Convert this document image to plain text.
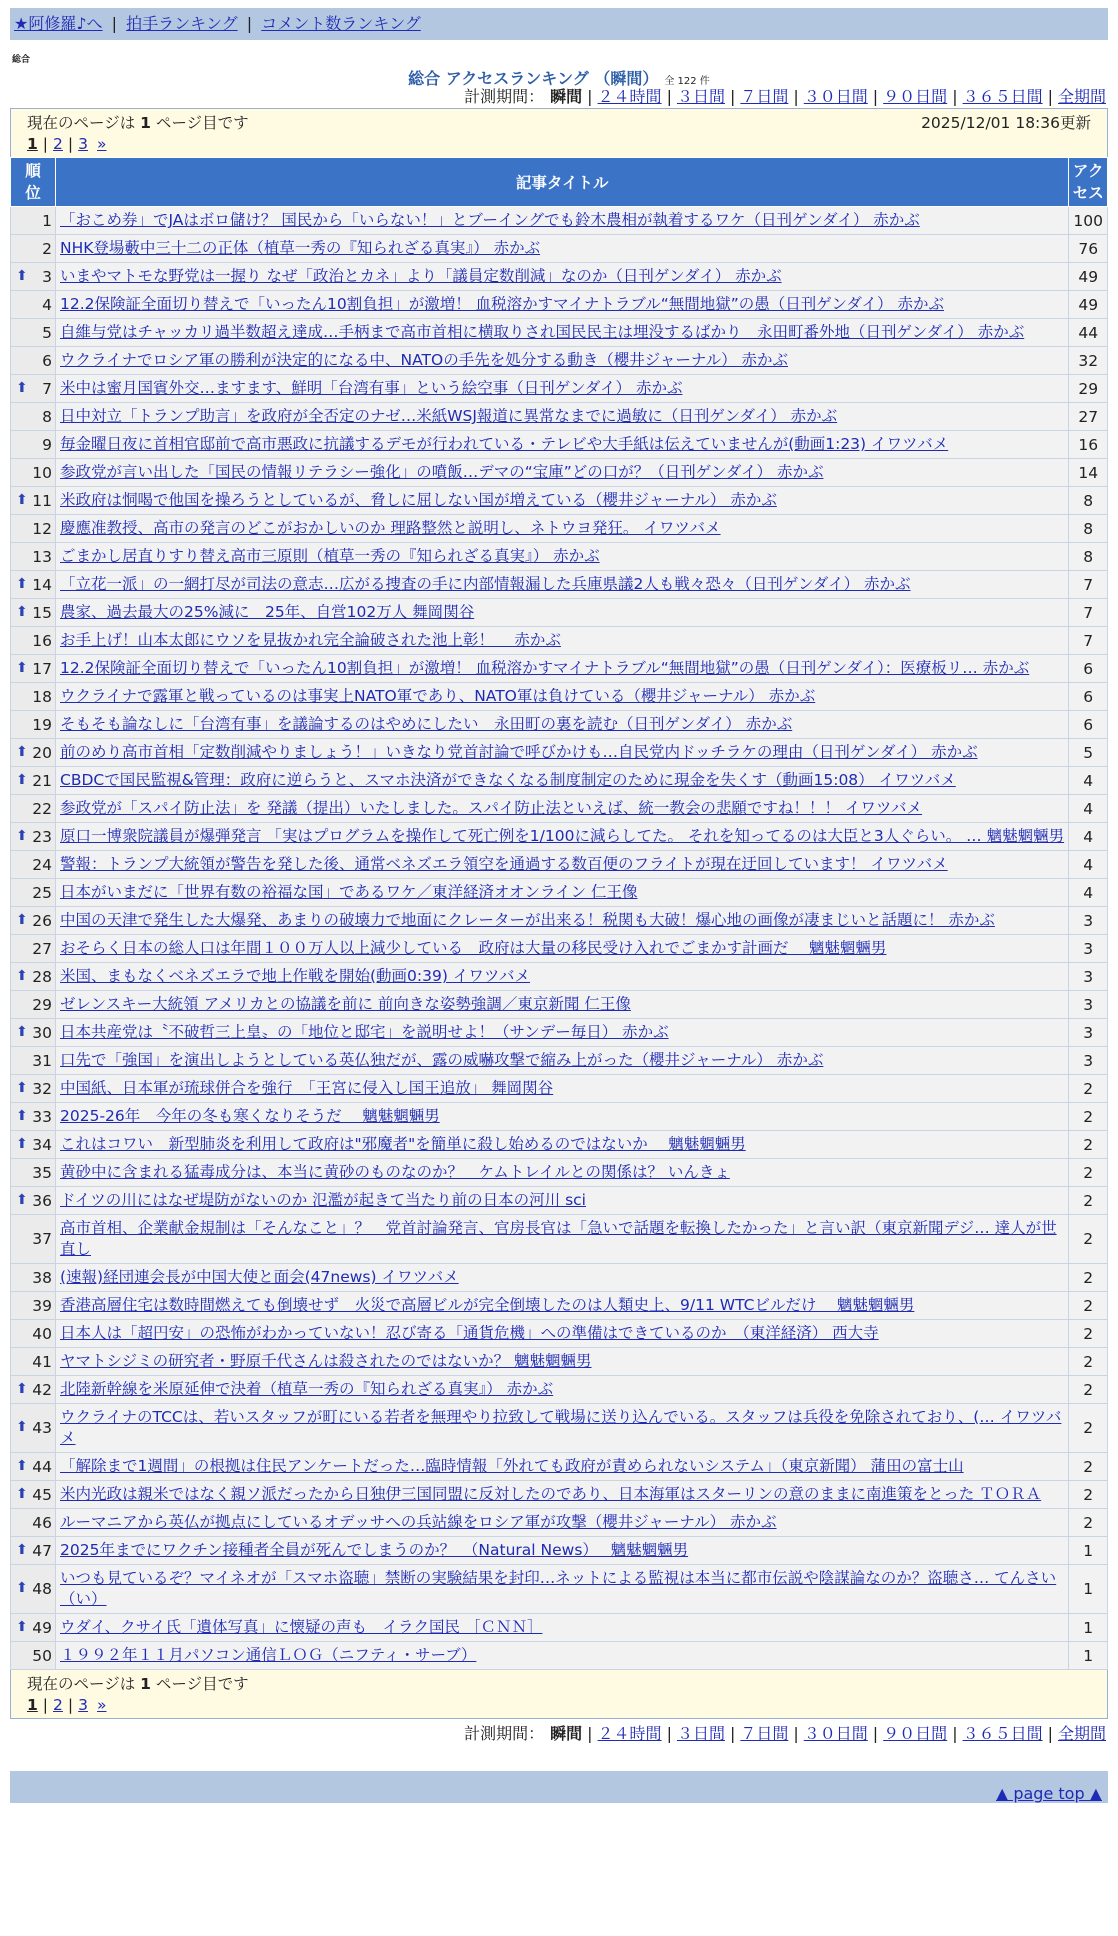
★阿修羅♪へ | 拍手ランキング | コメント数ランキング
総合
総合 アクセスランキング （瞬間） 全 122 件
計測期間： 瞬間 | ２４時間 | ３日間 | ７日間 | ３０日間 | ９０日間 | ３６５日間 | 全期間
現在のページは 1 ページ目です 2025/12/01 18:36更新		

1 | 2 | 3 »		
順位	記事タイトル	アクセス
1	「おこめ券」でJAはボロ儲け？ 国民から「いらない！」とブーイングでも鈴木農相が執着するワケ（日刊ゲンダイ） 赤かぶ	100
2	NHK登場藪中三十二の正体（植草一秀の『知られざる真実』） 赤かぶ	76

⬆ 3	いまやマトモな野党は一握り なぜ「政治とカネ」より「議員定数削減」なのか（日刊ゲンダイ） 赤かぶ	49
4	12.2保険証全面切り替えで「いったん10割負担」が激増！ 血税溶かすマイナトラブル“無間地獄”の愚（日刊ゲンダイ） 赤かぶ	49
5	自維与党はチャッカリ過半数超え達成…手柄まで高市首相に横取りされ国民民主は埋没するばかり　永田町番外地（日刊ゲンダイ） 赤かぶ	44
6	ウクライナでロシア軍の勝利が決定的になる中、NATOの手先を処分する動き（櫻井ジャーナル） 赤かぶ	32

⬆ 7	米中は蜜月国賓外交…ますます、鮮明「台湾有事」という絵空事（日刊ゲンダイ） 赤かぶ	29
8	日中対立「トランプ助言」を政府が全否定のナゼ…米紙WSJ報道に異常なまでに過敏に（日刊ゲンダイ） 赤かぶ	27
9	毎金曜日夜に首相官邸前で高市悪政に抗議するデモが行われている・テレビや大手紙は伝えていませんが(動画1:23) イワツバメ	16
10	参政党が言い出した「国民の情報リテラシー強化」の噴飯…デマの“宝庫”どの口が？（日刊ゲンダイ） 赤かぶ	14

⬆ 11	米政府は恫喝で他国を操ろうとしているが、脅しに屈しない国が増えている（櫻井ジャーナル） 赤かぶ	8
12	慶應准教授、高市の発言のどこがおかしいのか 理路整然と説明し、ネトウヨ発狂。 イワツバメ	8
13	ごまかし居直りすり替え高市三原則（植草一秀の『知られざる真実』） 赤かぶ	8

⬆ 14	「立花一派」の一網打尽が司法の意志…広がる捜査の手に内部情報漏した兵庫県議2人も戦々恐々（日刊ゲンダイ） 赤かぶ	7

⬆ 15	農家、過去最大の25%減に　25年、自営102万人 舞岡関谷	7
16	お手上げ！山本太郎にウソを見抜かれ完全論破された池上彰！　 赤かぶ	7

⬆ 17	12.2保険証全面切り替えで「いったん10割負担」が激増！ 血税溶かすマイナトラブル“無間地獄”の愚（日刊ゲンダイ）：医療板リ… 赤かぶ	6
18	ウクライナで露軍と戦っているのは事実上NATO軍であり、NATO軍は負けている（櫻井ジャーナル） 赤かぶ	6
19	そもそも論なしに「台湾有事」を議論するのはやめにしたい　永田町の裏を読む（日刊ゲンダイ） 赤かぶ	6

⬆ 20	前のめり高市首相「定数削減やりましょう！」いきなり党首討論で呼びかけも…自民党内ドッチラケの理由（日刊ゲンダイ） 赤かぶ	5

⬆ 21	CBDCで国民監視&管理：政府に逆らうと、スマホ決済ができなくなる制度制定のために現金を失くす（動画15:08） イワツバメ	4
22	参政党が「スパイ防止法」を 発議（提出）いたしました。スパイ防止法といえば、統一教会の悲願ですね！！！ イワツバメ	4

⬆ 23	原口一博衆院議員が爆弾発言 「実はプログラムを操作して死亡例を1/100に減らしてた。 それを知ってるのは大臣と3人ぐらい。 … 魑魅魍魎男	4
24	警報：トランプ大統領が警告を発した後、通常ベネズエラ領空を通過する数百便のフライトが現在迂回しています！ イワツバメ	4
25	日本がいまだに「世界有数の裕福な国」であるワケ／東洋経済オオンライン 仁王像	4

⬆ 26	中国の天津で発生した大爆発、あまりの破壊力で地面にクレーターが出来る！税関も大破！爆心地の画像が凄まじいと話題に！ 赤かぶ	3
27	おそらく日本の総人口は年間１００万人以上減少している　政府は大量の移民受け入れでごまかす計画だ　 魑魅魍魎男	3

⬆ 28	米国、まもなくベネズエラで地上作戦を開始(動画0:39) イワツバメ	3
29	ゼレンスキー大統領 アメリカとの協議を前に 前向きな姿勢強調／東京新聞 仁王像	3

⬆ 30	日本共産党は〝不破哲三上皇〟の「地位と邸宅」を説明せよ！（サンデー毎日） 赤かぶ	3
31	口先で「強国」を演出しようとしている英仏独だが、露の威嚇攻撃で縮み上がった（櫻井ジャーナル） 赤かぶ	3

⬆ 32	中国紙、日本軍が琉球併合を強行　「王宮に侵入し国王追放」 舞岡関谷	2

⬆ 33	2025-26年　今年の冬も寒くなりそうだ　 魑魅魍魎男	2

⬆ 34	これはコワい　新型肺炎を利用して政府は"邪魔者"を簡単に殺し始めるのではないか　 魑魅魍魎男	2
35	黄砂中に含まれる猛毒成分は、本当に黄砂のものなのか？　ケムトレイルとの関係は？ いんきょ	2

⬆ 36	ドイツの川にはなぜ堤防がないのか 氾濫が起きて当たり前の日本の河川 sci	2
37	高市首相、企業献金規制は「そんなこと」？　党首討論発言、官房長官は「急いで話題を転換したかった」と言い訳（東京新聞デジ… 達人が世直し	2
38	(速報)経団連会長が中国大使と面会(47news) イワツバメ	2
39	香港高層住宅は数時間燃えても倒壊せず　火災で高層ビルが完全倒壊したのは人類史上、9/11 WTCビルだけ　 魑魅魍魎男	2
40	日本人は「超円安」の恐怖がわかっていない！忍び寄る「通貨危機」への準備はできているのか　（東洋経済） 西大寺	2
41	ヤマトシジミの研究者・野原千代さんは殺されたのではないか？ 魑魅魍魎男	2

⬆ 42	北陸新幹線を米原延伸で決着（植草一秀の『知られざる真実』） 赤かぶ	2

⬆ 43	ウクライナのTCCは、若いスタッフが町にいる若者を無理やり拉致して戦場に送り込んでいる。スタッフは兵役を免除されており、(… イワツバメ	2

⬆ 44	「解除まで1週間」の根拠は住民アンケートだった…臨時情報「外れても政府が責められないシステム」（東京新聞） 蒲田の富士山	2

⬆ 45	米内光政は親米ではなく親ソ派だったから日独伊三国同盟に反対したのであり、日本海軍はスターリンの意のままに南進策をとった ＴＯＲＡ	2
46	ルーマニアから英仏が拠点にしているオデッサへの兵站線をロシア軍が攻撃（櫻井ジャーナル） 赤かぶ	2

⬆ 47	2025年までにワクチン接種者全員が死んでしまうのか？　（Natural News）　 魑魅魍魎男	1

⬆ 48	いつも見ているぞ？マイネオが「スマホ盗聴」禁断の実験結果を封印…ネットによる監視は本当に都市伝説や陰謀論なのか？盗聴さ… てんさい（い）	1

⬆ 49	ウダイ、クサイ氏「遺体写真」に懐疑の声も　イラク国民 ［ＣＮＮ］	1
50	１９９２年１１月パソコン通信ＬＯＧ（ニフティ・サーブ）	1

現在のページは 1 ページ目です		

1 | 2 | 3 »		
計測期間： 瞬間 | ２４時間 | ３日間 | ７日間 | ３０日間 | ９０日間 | ３６５日間 | 全期間
▲ page top ▲
